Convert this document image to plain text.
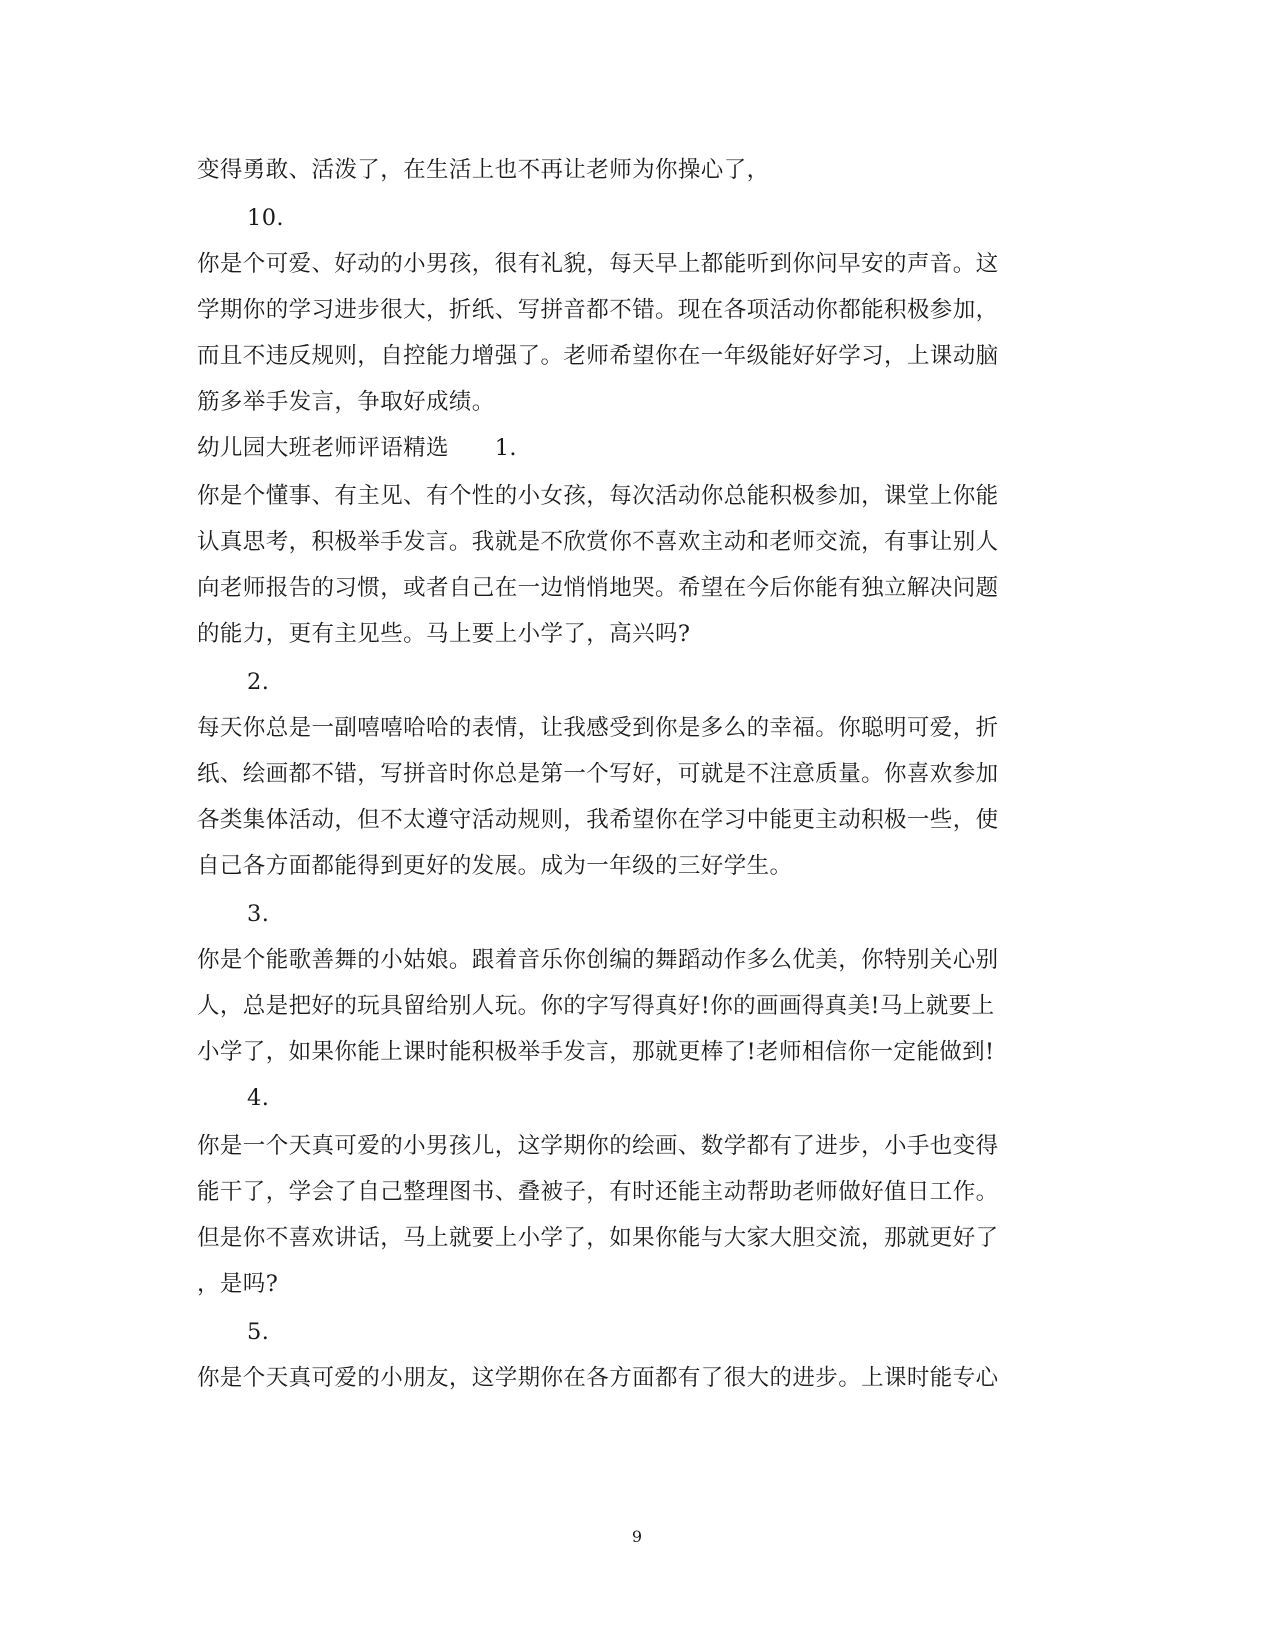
变得勇敢、活泼了，在生活上也不再让老师为你操心了，
10.
你是个可爱、好动的小男孩，很有礼貌，每天早上都能听到你问早安的声音。这
学期你的学习进步很大，折纸、写拼音都不错。现在各项活动你都能积极参加，
而且不违反规则，自控能力增强了。老师希望你在一年级能好好学习，上课动脑
筋多举手发言，争取好成绩。
幼儿园大班老师评语精选　　1.
你是个懂事、有主见、有个性的小女孩，每次活动你总能积极参加，课堂上你能
认真思考，积极举手发言。我就是不欣赏你不喜欢主动和老师交流，有事让别人
向老师报告的习惯，或者自己在一边悄悄地哭。希望在今后你能有独立解决问题
的能力，更有主见些。马上要上小学了，高兴吗?
2.
每天你总是一副嘻嘻哈哈的表情，让我感受到你是多么的幸福。你聪明可爱，折
纸、绘画都不错，写拼音时你总是第一个写好，可就是不注意质量。你喜欢参加
各类集体活动，但不太遵守活动规则，我希望你在学习中能更主动积极一些，使
自己各方面都能得到更好的发展。成为一年级的三好学生。
3.
你是个能歌善舞的小姑娘。跟着音乐你创编的舞蹈动作多么优美，你特别关心别
人，总是把好的玩具留给别人玩。你的字写得真好!你的画画得真美!马上就要上
小学了，如果你能上课时能积极举手发言，那就更棒了!老师相信你一定能做到!
4.
你是一个天真可爱的小男孩儿，这学期你的绘画、数学都有了进步，小手也变得
能干了，学会了自己整理图书、叠被子，有时还能主动帮助老师做好值日工作。
但是你不喜欢讲话，马上就要上小学了，如果你能与大家大胆交流，那就更好了
，是吗?
5.
你是个天真可爱的小朋友，这学期你在各方面都有了很大的进步。上课时能专心
9
